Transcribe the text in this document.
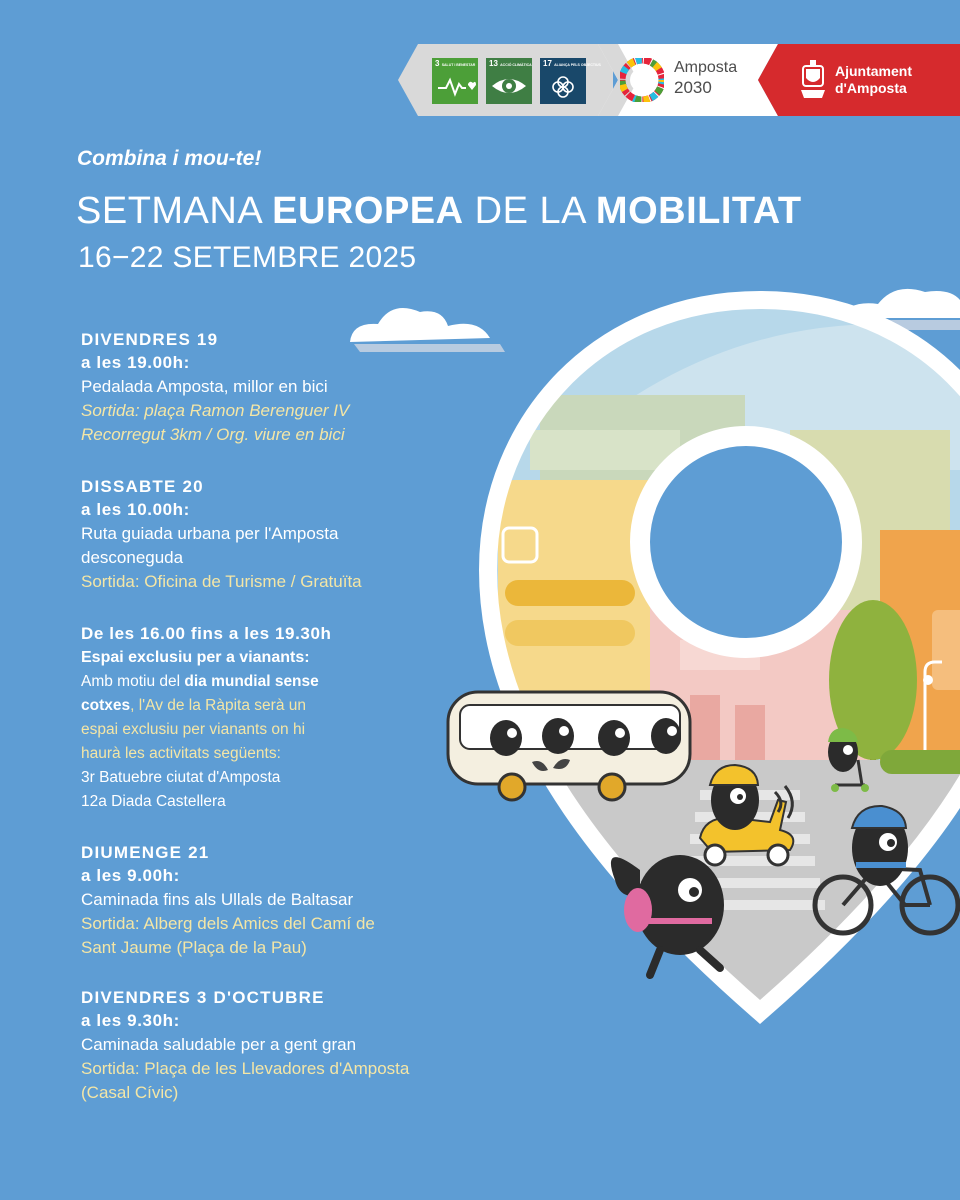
3 SALUT I BENESTAR 13 ACCIÓ CLIMÀTICA 17 ALIANÇA PELS OBJECTIUS	Amposta
2030
Ajuntament
d'Amposta
Combina i mou-te!
SETMANA EUROPEA DE LA MOBILITAT
16−22 SETEMBRE 2025
DIVENDRES 19
a les 19.00h:
Pedalada Amposta, millor en bici
Sortida: plaça Ramon Berenguer IV
Recorregut 3km / Org. viure en bici
DISSABTE 20
a les 10.00h:
Ruta guiada urbana per l'Amposta
desconeguda
Sortida: Oficina de Turisme / Gratuïta
De les 16.00 fins a les 19.30h
Espai exclusiu per a vianants:
Amb motiu del dia mundial sense
cotxes, l'Av de la Ràpita serà un
espai exclusiu per vianants on hi
haurà les activitats següents:
3r Batuebre ciutat d'Amposta
12a Diada Castellera
DIUMENGE 21
a les 9.00h:
Caminada fins als Ullals de Baltasar
Sortida: Alberg dels Amics del Camí de
Sant Jaume (Plaça de la Pau)
DIVENDRES 3 D'OCTUBRE
a les 9.30h:
Caminada saludable per a gent gran
Sortida: Plaça de les Llevadores d'Amposta
(Casal Cívic)
